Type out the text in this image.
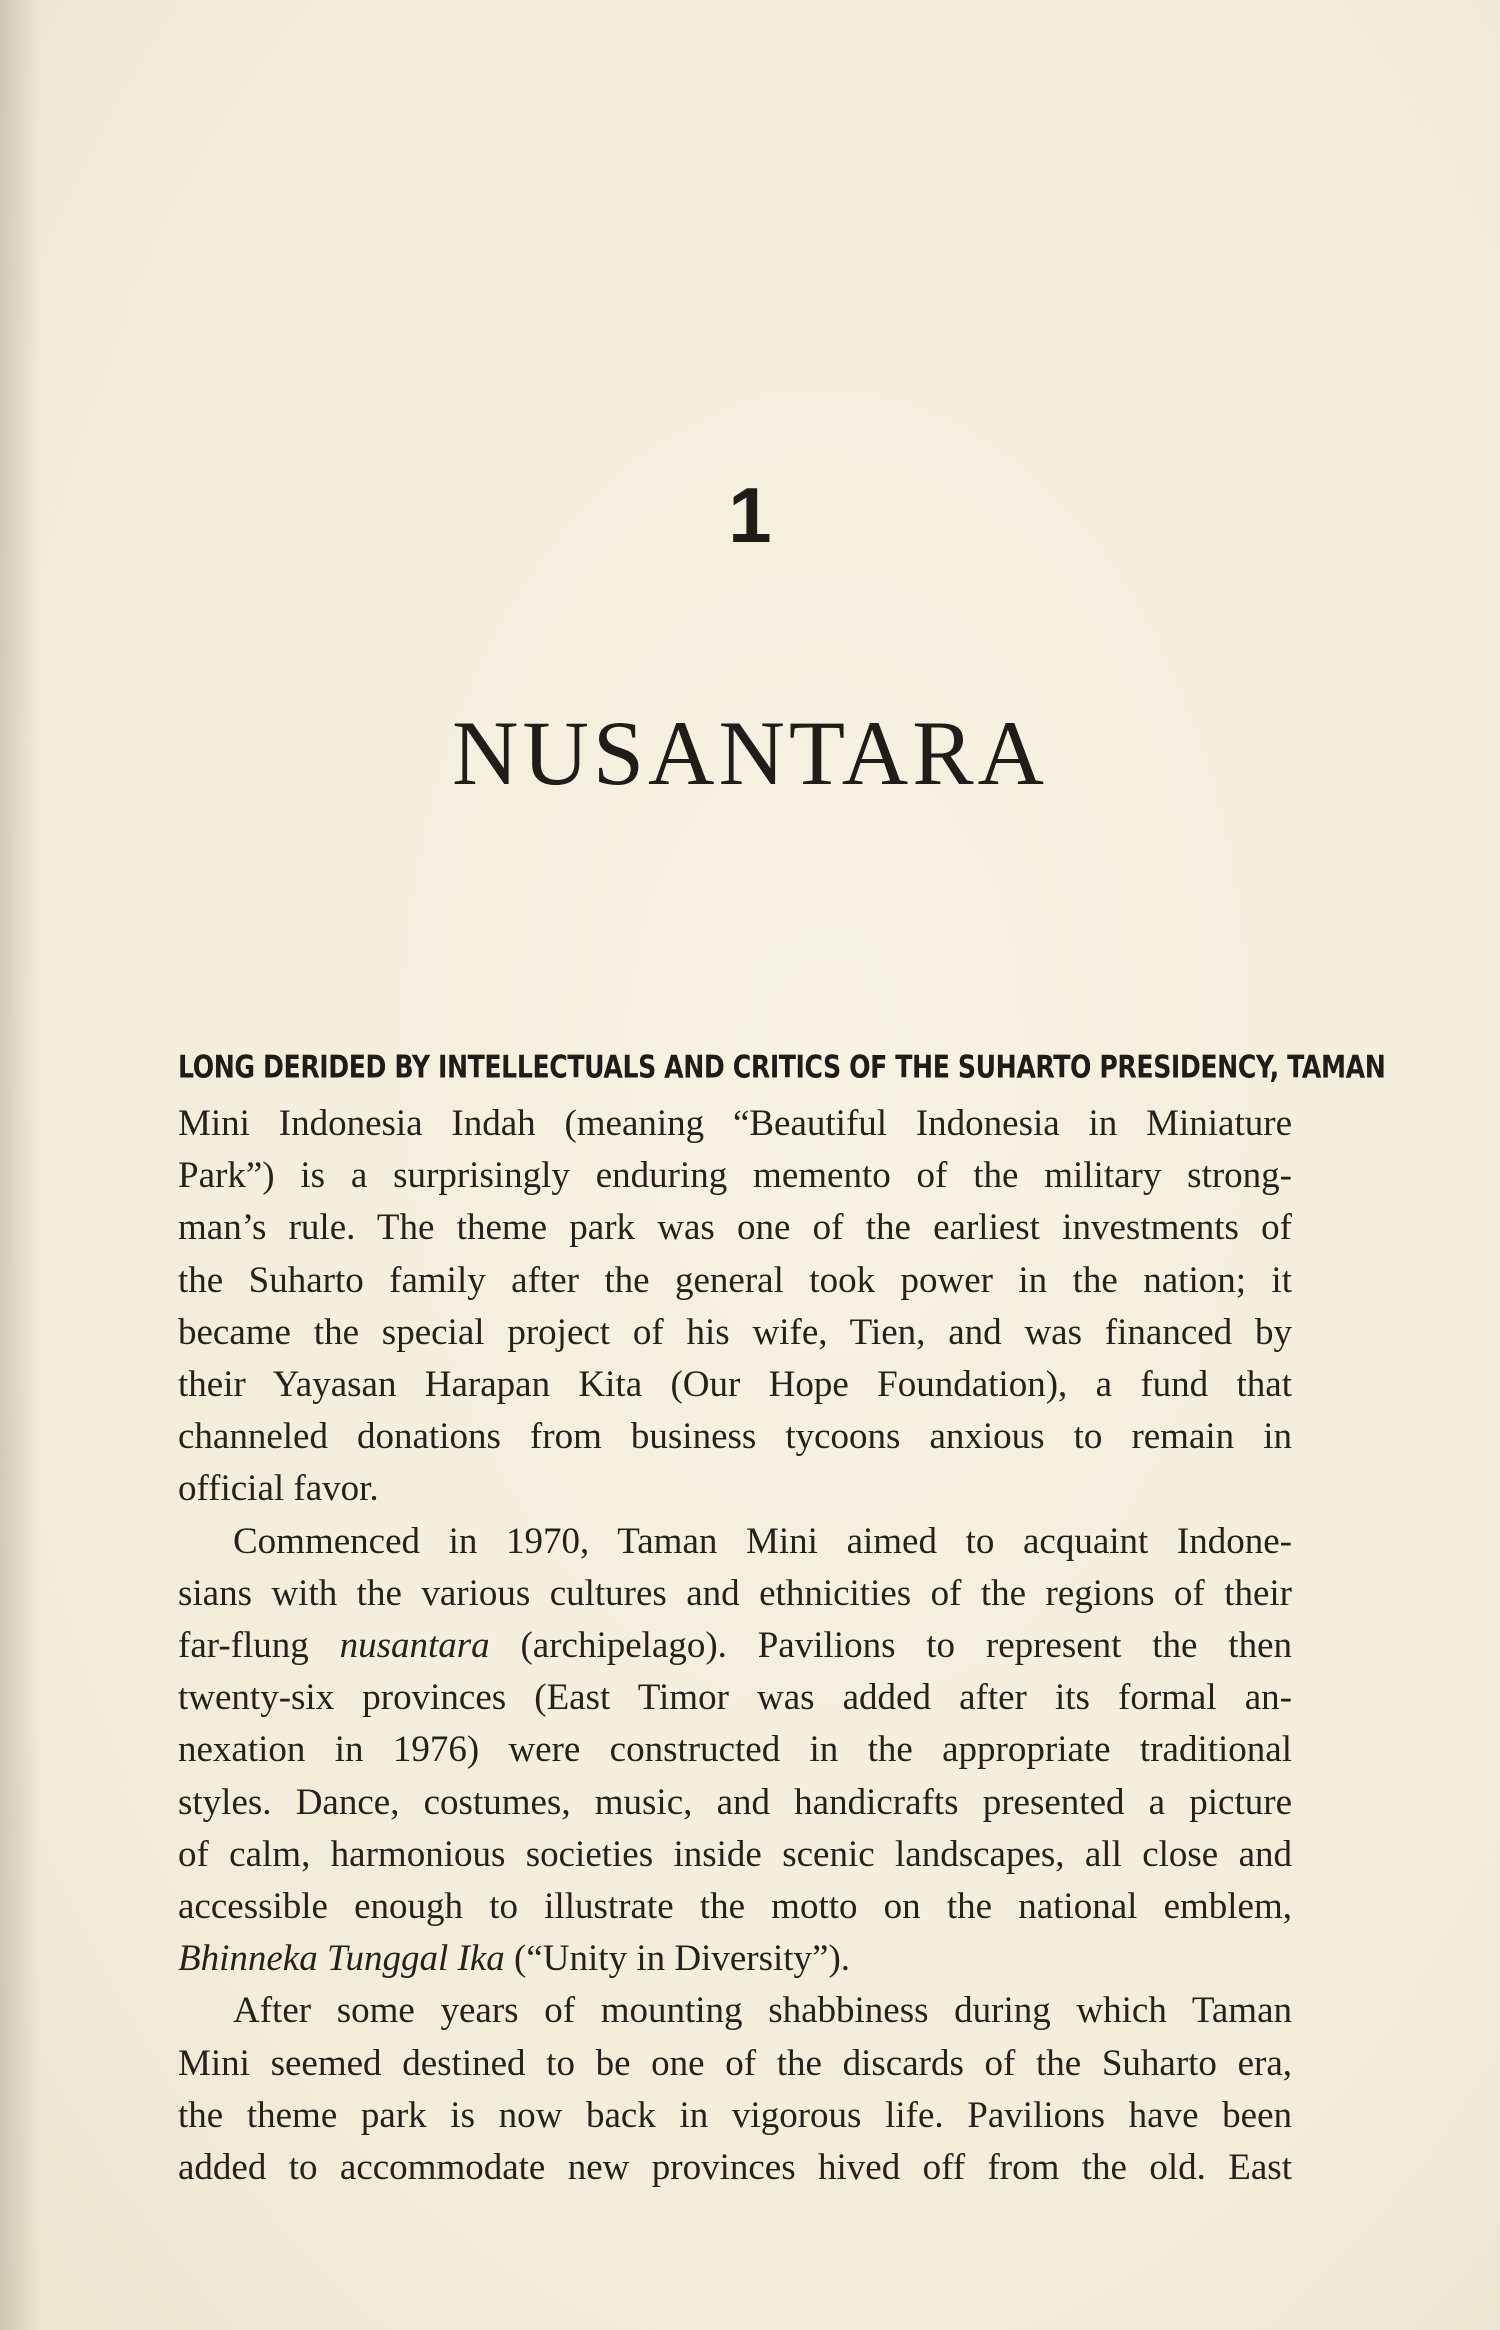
1
NUSANTARA
LONG DERIDED BY INTELLECTUALS AND CRITICS OF THE SUHARTO PRESIDENCY, TAMAN

Mini Indonesia Indah (meaning “Beautiful Indonesia in Miniature
Park”) is a surprisingly enduring memento of the military strong-
man’s rule. The theme park was one of the earliest investments of
the Suharto family after the general took power in the nation; it
became the special project of his wife, Tien, and was financed by
their Yayasan Harapan Kita (Our Hope Foundation), a fund that
channeled donations from business tycoons anxious to remain in
official favor.

Commenced in 1970, Taman Mini aimed to acquaint Indone-
sians with the various cultures and ethnicities of the regions of their
far-flung nusantara (archipelago). Pavilions to represent the then
twenty-six provinces (East Timor was added after its formal an-
nexation in 1976) were constructed in the appropriate traditional
styles. Dance, costumes, music, and handicrafts presented a picture
of calm, harmonious societies inside scenic landscapes, all close and
accessible enough to illustrate the motto on the national emblem,
Bhinneka Tunggal Ika (“Unity in Diversity”).

After some years of mounting shabbiness during which Taman
Mini seemed destined to be one of the discards of the Suharto era,
the theme park is now back in vigorous life. Pavilions have been
added to accommodate new provinces hived off from the old. East
